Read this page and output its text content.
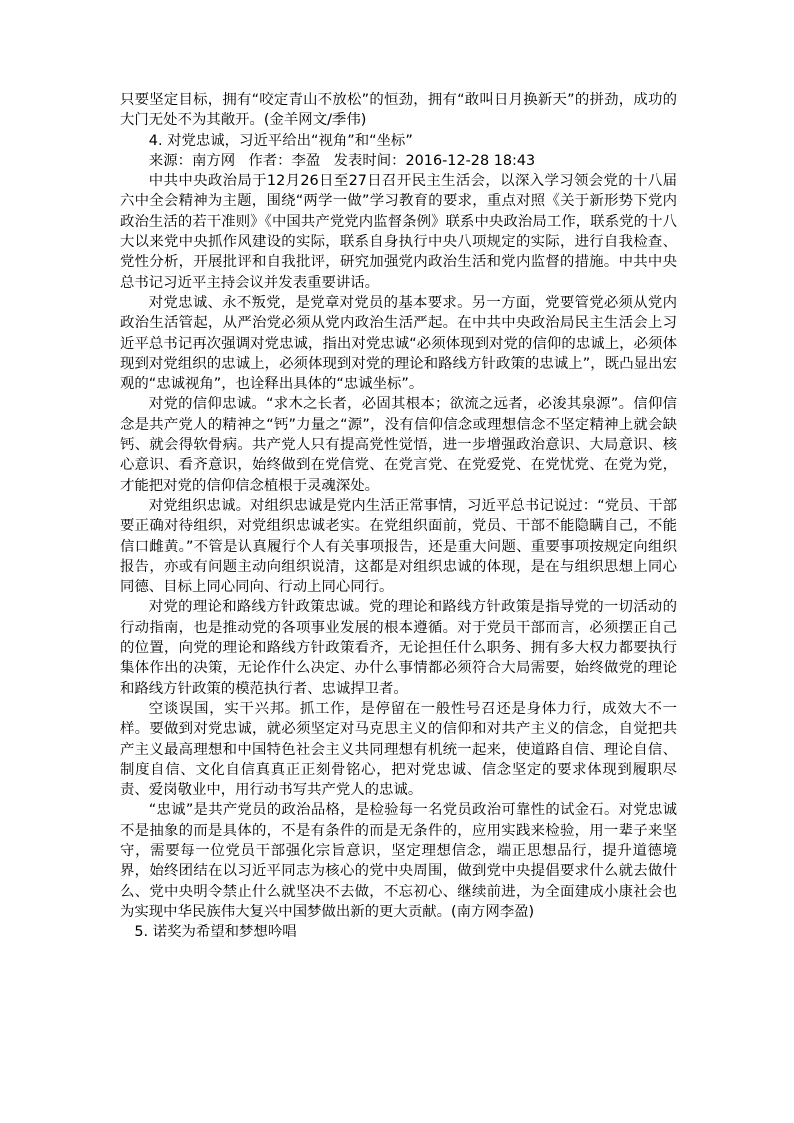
只要坚定目标，拥有“咬定青山不放松”的恒劲，拥有“敢叫日月换新天”的拼劲，成功的大门无处不为其敞开。(金羊网文/季伟)

4. 对党忠诚，习近平给出“视角”和“坐标”

来源：南方网 作者：李盈 发表时间：2016-12-28 18:43

中共中央政治局于12月26日至27日召开民主生活会，以深入学习领会党的十八届六中全会精神为主题，围绕“两学一做”学习教育的要求，重点对照《关于新形势下党内政治生活的若干准则》《中国共产党党内监督条例》联系中央政治局工作，联系党的十八大以来党中央抓作风建设的实际，联系自身执行中央八项规定的实际，进行自我检查、党性分析，开展批评和自我批评，研究加强党内政治生活和党内监督的措施。中共中央总书记习近平主持会议并发表重要讲话。

对党忠诚、永不叛党，是党章对党员的基本要求。另一方面，党要管党必须从党内政治生活管起，从严治党必须从党内政治生活严起。在中共中央政治局民主生活会上习近平总书记再次强调对党忠诚，指出对党忠诚“必须体现到对党的信仰的忠诚上，必须体现到对党组织的忠诚上，必须体现到对党的理论和路线方针政策的忠诚上”，既凸显出宏观的“忠诚视角”，也诠释出具体的“忠诚坐标”。

对党的信仰忠诚。“求木之长者，必固其根本；欲流之远者，必浚其泉源”。信仰信念是共产党人的精神之“钙”力量之“源”，没有信仰信念或理想信念不坚定精神上就会缺钙、就会得软骨病。共产党人只有提高党性觉悟，进一步增强政治意识、大局意识、核心意识、看齐意识，始终做到在党信党、在党言党、在党爱党、在党忧党、在党为党，才能把对党的信仰信念植根于灵魂深处。

对党组织忠诚。对组织忠诚是党内生活正常事情，习近平总书记说过：“党员、干部要正确对待组织，对党组织忠诚老实。在党组织面前，党员、干部不能隐瞒自己，不能信口雌黄。”不管是认真履行个人有关事项报告，还是重大问题、重要事项按规定向组织报告，亦或有问题主动向组织说清，这都是对组织忠诚的体现，是在与组织思想上同心同德、目标上同心同向、行动上同心同行。

对党的理论和路线方针政策忠诚。党的理论和路线方针政策是指导党的一切活动的行动指南，也是推动党的各项事业发展的根本遵循。对于党员干部而言，必须摆正自己的位置，向党的理论和路线方针政策看齐，无论担任什么职务、拥有多大权力都要执行集体作出的决策，无论作什么决定、办什么事情都必须符合大局需要，始终做党的理论和路线方针政策的模范执行者、忠诚捍卫者。

空谈误国，实干兴邦。抓工作，是停留在一般性号召还是身体力行，成效大不一样。要做到对党忠诚，就必须坚定对马克思主义的信仰和对共产主义的信念，自觉把共产主义最高理想和中国特色社会主义共同理想有机统一起来，使道路自信、理论自信、制度自信、文化自信真真正正刻骨铭心，把对党忠诚、信念坚定的要求体现到履职尽责、爱岗敬业中，用行动书写共产党人的忠诚。

“忠诚”是共产党员的政治品格，是检验每一名党员政治可靠性的试金石。对党忠诚不是抽象的而是具体的，不是有条件的而是无条件的，应用实践来检验，用一辈子来坚守，需要每一位党员干部强化宗旨意识，坚定理想信念，端正思想品行，提升道德境界，始终团结在以习近平同志为核心的党中央周围，做到党中央提倡要求什么就去做什么、党中央明令禁止什么就坚决不去做，不忘初心、继续前进，为全面建成小康社会也为实现中华民族伟大复兴中国梦做出新的更大贡献。(南方网李盈)

5. 诺奖为希望和梦想吟唱
